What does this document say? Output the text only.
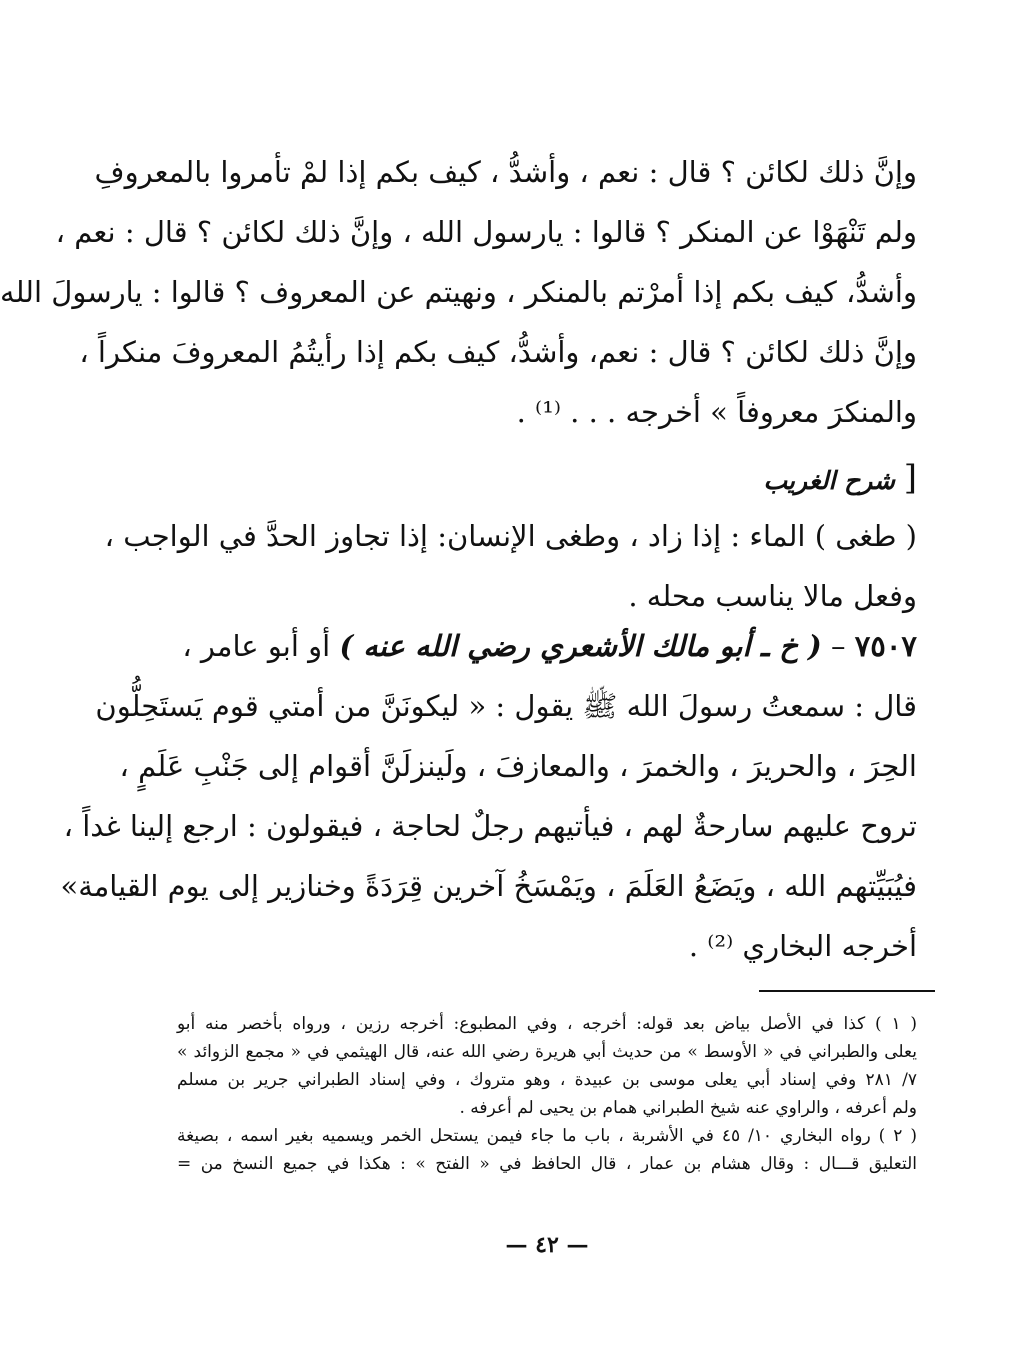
وإنَّ ذلك لكائن ؟ قال : نعم ، وأشدُّ ، كيف بكم إذا لمْ تأمروا بالمعروفِ
ولم تَنْهَوْا عن المنكر ؟ قالوا : يارسول الله ، وإنَّ ذلك لكائن ؟ قال : نعم ،
وأشدُّ، كيف بكم إذا أمرْتم بالمنكر ، ونهيتم عن المعروف ؟ قالوا : يارسولَ الله
وإنَّ ذلك لكائن ؟ قال : نعم، وأشدُّ، كيف بكم إذا رأيتُمُ المعروفَ منكراً ،
والمنكرَ معروفاً » أخرجه . . . ⁽¹⁾ .
[ شرح الغريب
( طغى ) الماء : إذا زاد ، وطغى الإنسان: إذا تجاوز الحدَّ في الواجب ،
وفعل مالا يناسب محله .
٧٥٠٧ – ( خ ـ أبو مالك الأشعري رضي الله عنه ) أو أبو عامر ،
قال : سمعتُ رسولَ الله ﷺ يقول : « ليكونَنَّ من أمتي قوم يَستَحِلُّون
الحِرَ ، والحريرَ ، والخمرَ ، والمعازفَ ، ولَينزلَنَّ أقوام إلى جَنْبِ عَلَمٍ ،
تروح عليهم سارحةٌ لهم ، فيأتيهم رجلٌ لحاجة ، فيقولون : ارجع إلينا غداً ،
فيُبَيِّتهم الله ، ويَضَعُ العَلَمَ ، ويَمْسَخُ آخرين قِرَدَةً وخنازير إلى يوم القيامة»
أخرجه البخاري ⁽²⁾ .
( ١ ) كذا في الأصل بياض بعد قوله: أخرجه ، وفي المطبوع: أخرجه رزين ، ورواه بأخصر منه أبو
يعلى والطبراني في « الأوسط » من حديث أبي هريرة رضي الله عنه، قال الهيثمي في « مجمع الزوائد »
٧/ ٢٨١ وفي إسناد أبي يعلى موسى بن عبيدة ، وهو متروك ، وفي إسناد الطبراني جرير بن مسلم
ولم أعرفه ، والراوي عنه شيخ الطبراني همام بن يحيى لم أعرفه .
( ٢ ) رواه البخاري ١٠/ ٤٥ في الأشربة ، باب ما جاء فيمن يستحل الخمر ويسميه بغير اسمه ، بصيغة
التعليق قـــال : وقال هشام بن عمار ، قال الحافظ في « الفتح » : هكذا في جميع النسخ من =
— ٤٢ —
